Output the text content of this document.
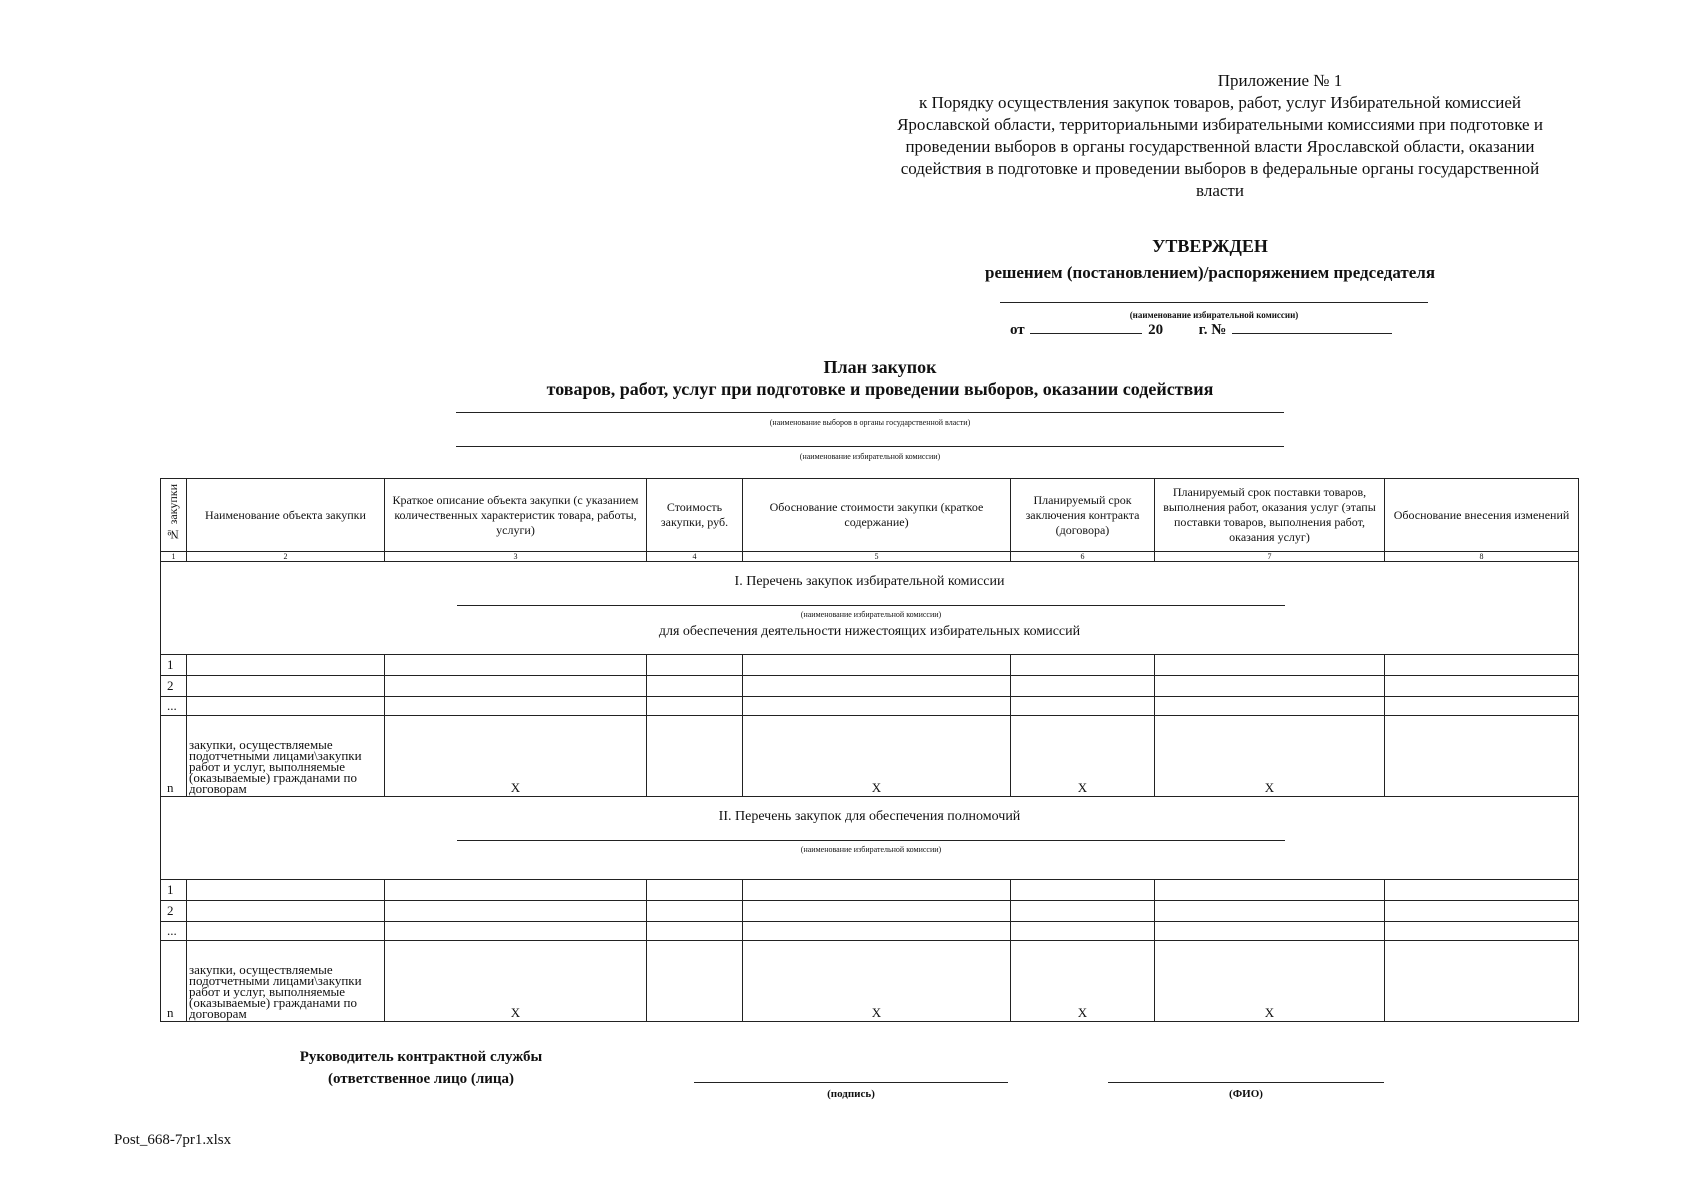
Приложение № 1
к Порядку осуществления закупок товаров, работ, услуг Избирательной комиссией
Ярославской области, территориальными избирательными комиссиями при подготовке и
проведении выборов в органы государственной власти Ярославской области, оказании
содействия в подготовке и проведении выборов в федеральные органы государственной
власти
УТВЕРЖДЕН
решением (постановлением)/распоряжением председателя
(наименование избирательной комиссии)
от	20 г. №
План закупок
товаров, работ, услуг при подготовке и проведении выборов, оказании содействия
(наименование выборов в органы государственной власти)
(наименование избирательной комиссии)
№ закупки	Наименование объекта закупки	Краткое описание объекта закупки (с указанием количественных характеристик товара, работы, услуги)	Стоимость закупки, руб.	Обоснование стоимости закупки (краткое содержание)	Планируемый срок заключения контракта (договора)	Планируемый срок поставки товаров, выполнения работ, оказания услуг (этапы поставки товаров, выполнения работ, оказания услуг)	Обоснование внесения изменений
1	2	3	4	5	6	7	8

I. Перечень закупок избирательной комиссии
(наименование избирательной комиссии)
для обеспечения деятельности нижестоящих избирательных комиссий							

1							
2							
...							
n	закупки, осуществляемые подотчетными лицами\закупки работ и услуг, выполняемые (оказываемые) гражданами по договорам	X		X	X	X	

II. Перечень закупок для обеспечения полномочий
(наименование избирательной комиссии)							

1							
2							
...							
n	закупки, осуществляемые подотчетными лицами\закупки работ и услуг, выполняемые (оказываемые) гражданами по договорам	X		X	X	X	
Руководитель контрактной службы
(ответственное лицо (лица)
(подпись)	(ФИО)
Post_668-7pr1.xlsx
